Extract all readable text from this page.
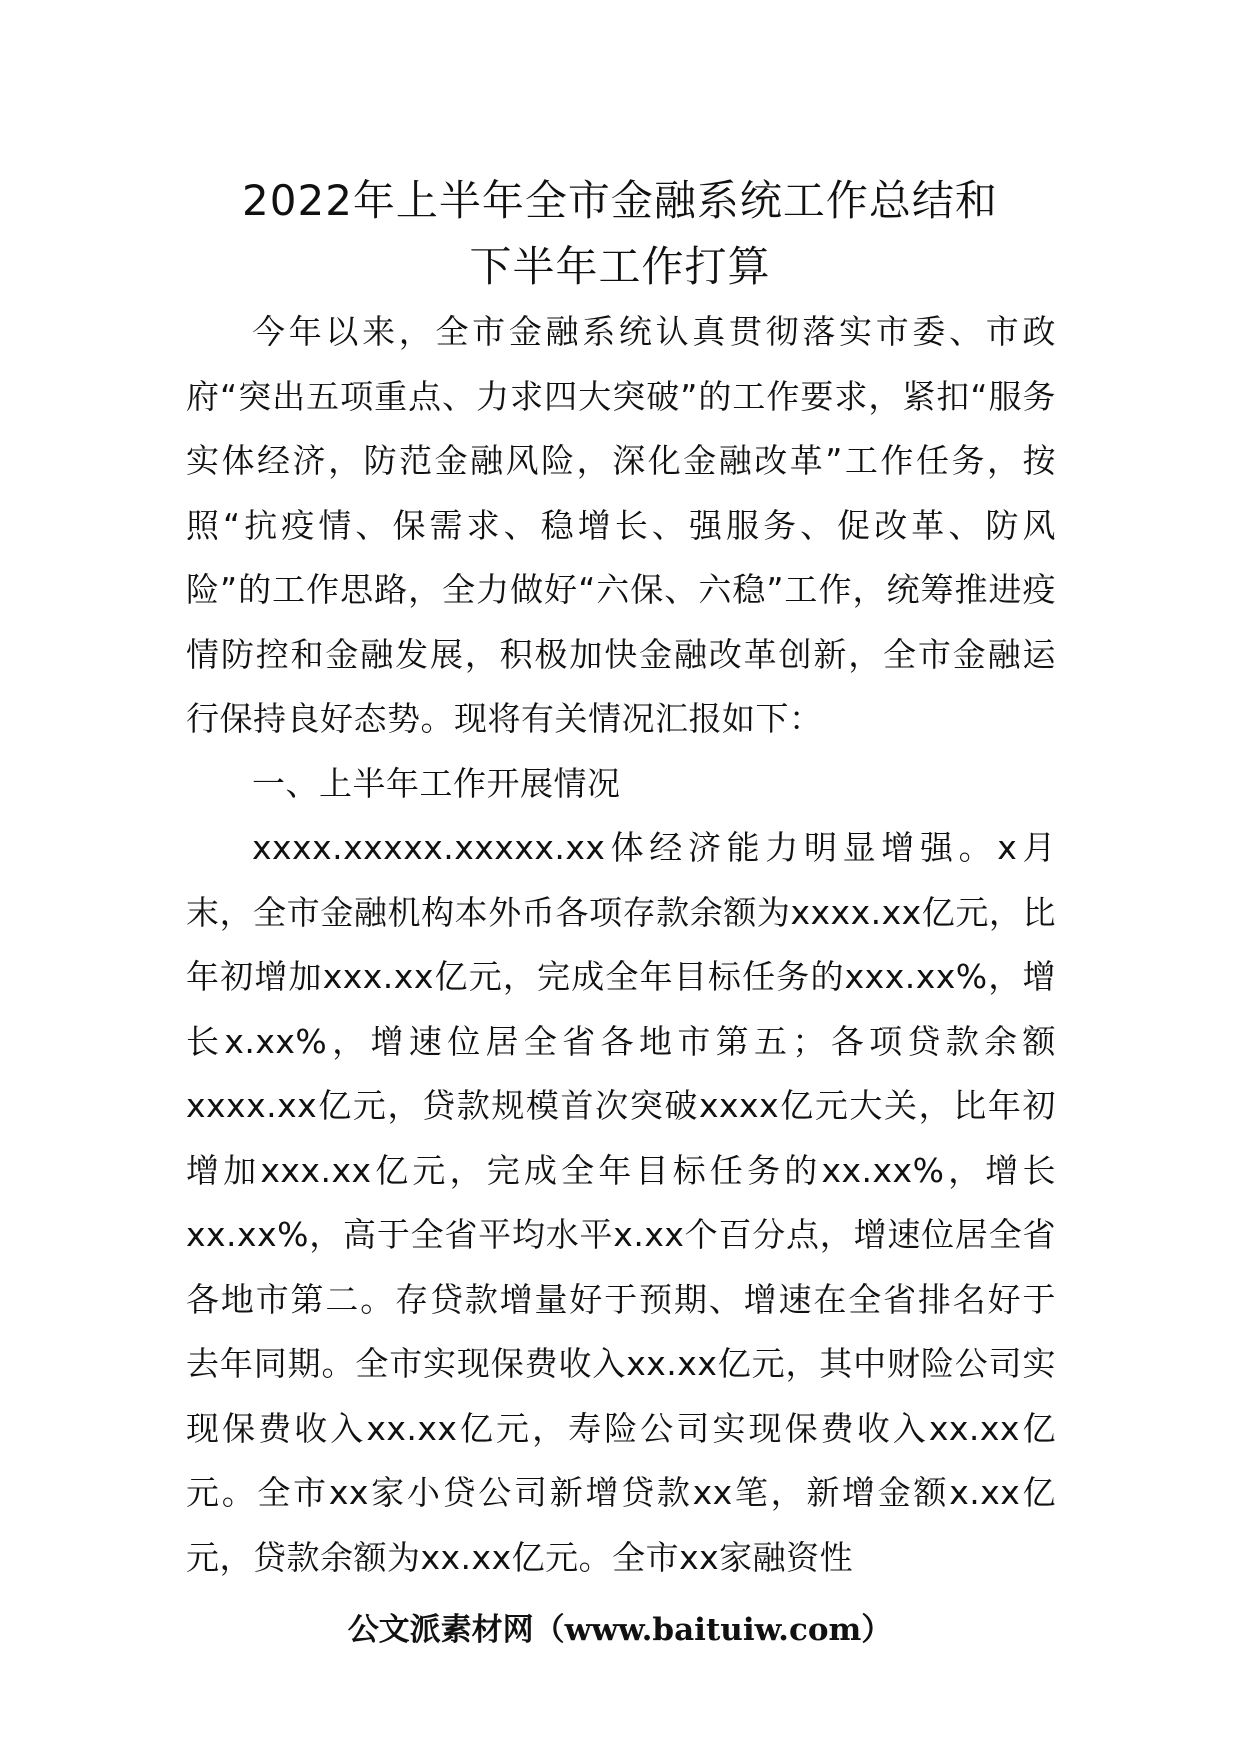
2022年上半年全市金融系统工作总结和
下半年工作打算

今年以来，全市金融系统认真贯彻落实市委、市政府“突出五项重点、力求四大突破”的工作要求，紧扣“服务实体经济，防范金融风险，深化金融改革”工作任务，按照“抗疫情、保需求、稳增长、强服务、促改革、防风险”的工作思路，全力做好“六保、六稳”工作，统筹推进疫情防控和金融发展，积极加快金融改革创新，全市金融运行保持良好态势。现将有关情况汇报如下：

一、上半年工作开展情况

xxxx.xxxxx.xxxxx.xx体经济能力明显增强。x月末，全市金融机构本外币各项存款余额为xxxx.xx亿元，比年初增加xxx.xx亿元，完成全年目标任务的xxx.xx%，增长x.xx%，增速位居全省各地市第五；各项贷款余额xxxx.xx亿元，贷款规模首次突破xxxx亿元大关，比年初增加xxx.xx亿元，完成全年目标任务的xx.xx%，增长xx.xx%，高于全省平均水平x.xx个百分点，增速位居全省各地市第二。存贷款增量好于预期、增速在全省排名好于去年同期。全市实现保费收入xx.xx亿元，其中财险公司实现保费收入xx.xx亿元，寿险公司实现保费收入xx.xx亿元。全市xx家小贷公司新增贷款xx笔，新增金额x.xx亿元，贷款余额为xx.xx亿元。全市xx家融资性

公文派素材网（www.baituiw.com）
